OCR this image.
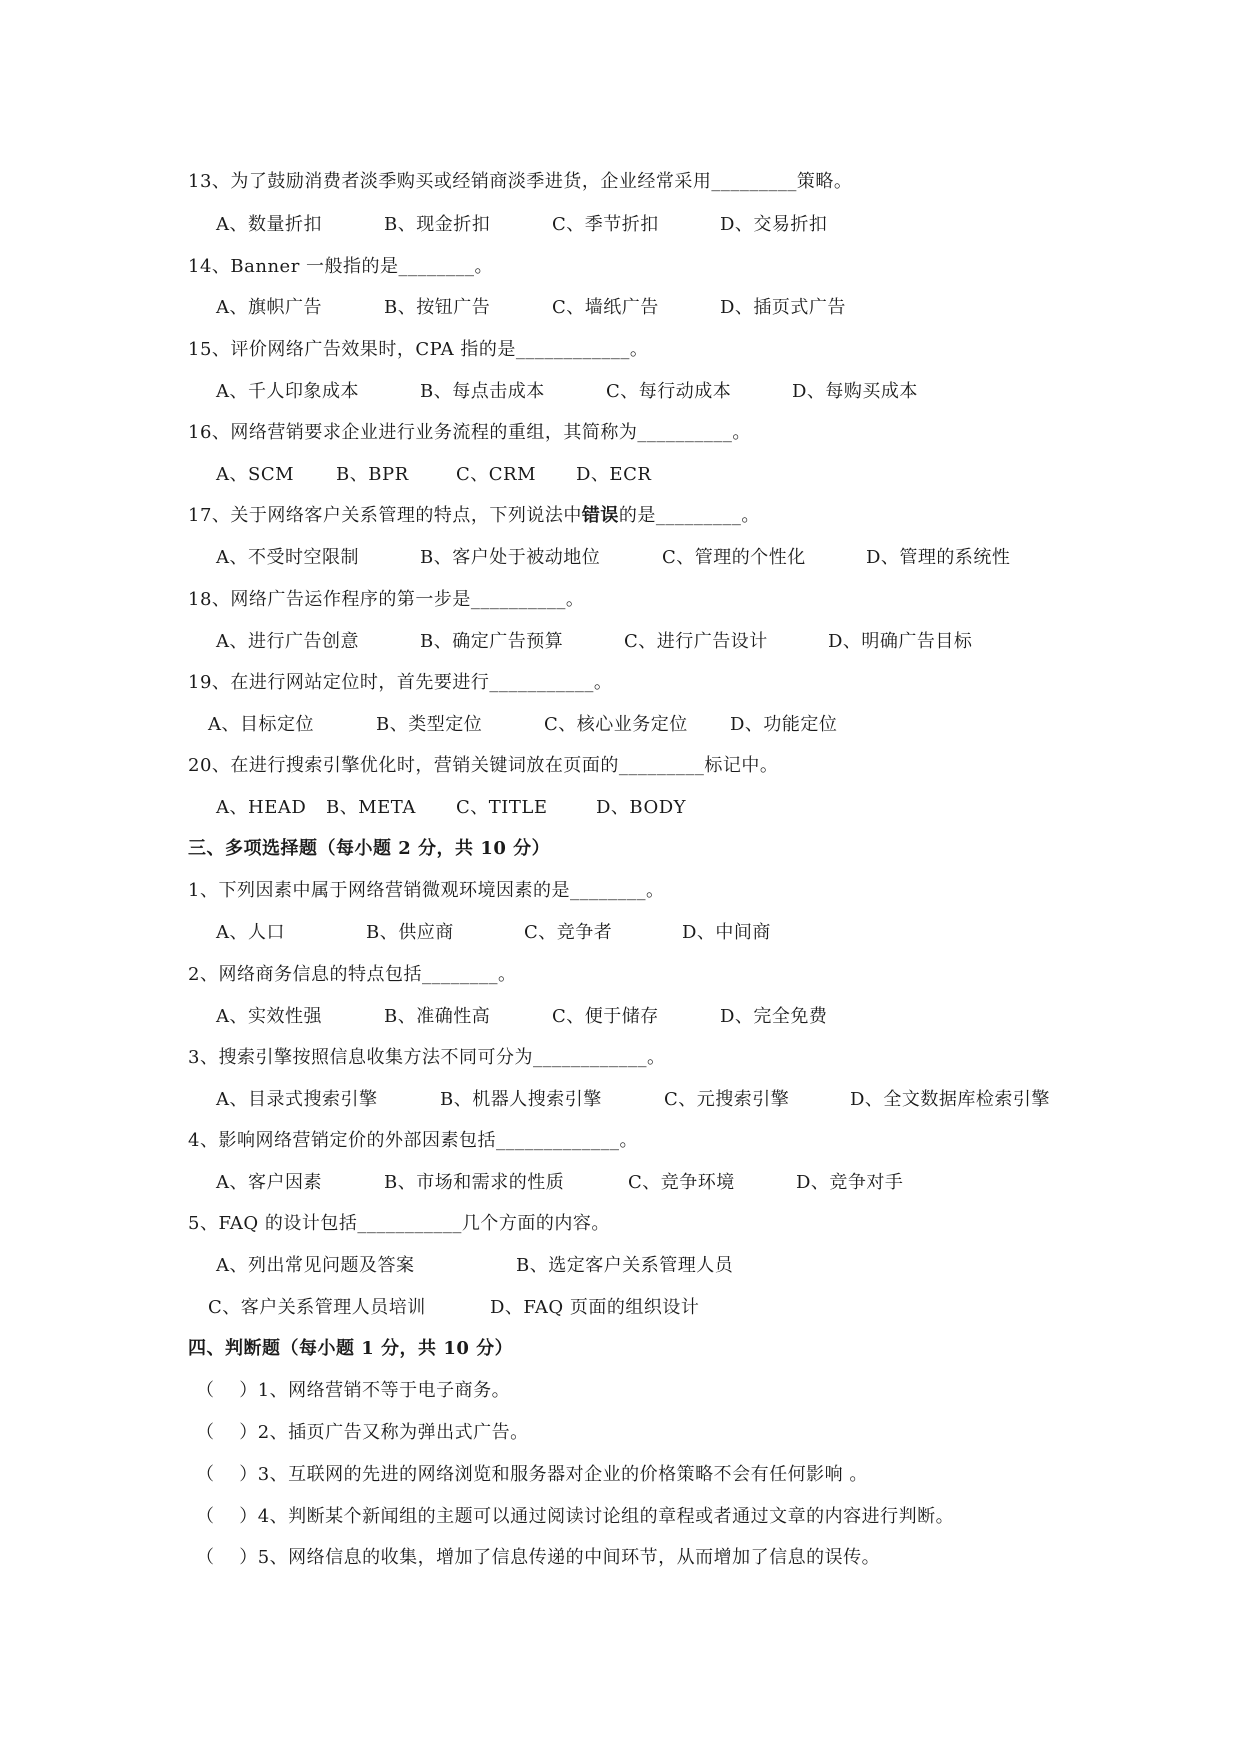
13、为了鼓励消费者淡季购买或经销商淡季进货，企业经常采用_________策略。
A、数量折扣	B、现金折扣	C、季节折扣	D、交易折扣
14、Banner 一般指的是________。
A、旗帜广告	B、按钮广告	C、墙纸广告	D、插页式广告
15、评价网络广告效果时，CPA 指的是____________。
A、千人印象成本	B、每点击成本	C、每行动成本	D、每购买成本
16、网络营销要求企业进行业务流程的重组，其简称为__________。
A、SCM B、BPR	C、CRM D、ECR
17、关于网络客户关系管理的特点，下列说法中错误的是_________。
A、不受时空限制	B、客户处于被动地位	C、管理的个性化	D、管理的系统性
18、网络广告运作程序的第一步是__________。
A、进行广告创意	B、确定广告预算	C、进行广告设计	D、明确广告目标
19、在进行网站定位时，首先要进行___________。
A、目标定位	B、类型定位	C、核心业务定位 D、功能定位
20、在进行搜索引擎优化时，营销关键词放在页面的_________标记中。
A、HEAD B、META C、TITLE	D、BODY
三、多项选择题（每小题 2 分，共 10 分）
1、下列因素中属于网络营销微观环境因素的是________。
A、人口	B、供应商	C、竞争者	D、中间商
2、网络商务信息的特点包括________。
A、实效性强	B、准确性高	C、便于储存	D、完全免费
3、搜索引擎按照信息收集方法不同可分为____________。
A、目录式搜索引擎	B、机器人搜索引擎	C、元搜索引擎	D、全文数据库检索引擎
4、影响网络营销定价的外部因素包括_____________。
A、客户因素	B、市场和需求的性质	C、竞争环境	D、竞争对手
5、FAQ 的设计包括___________几个方面的内容。
A、列出常见问题及答案	B、选定客户关系管理人员
C、客户关系管理人员培训	D、FAQ 页面的组织设计
四、判断题（每小题 1 分，共 10 分）
（　 ）1、网络营销不等于电子商务。
（　 ）2、插页广告又称为弹出式广告。
（　 ）3、互联网的先进的网络浏览和服务器对企业的价格策略不会有任何影响 。
（　 ）4、判断某个新闻组的主题可以通过阅读讨论组的章程或者通过文章的内容进行判断。
（　 ）5、网络信息的收集，增加了信息传递的中间环节，从而增加了信息的误传。
